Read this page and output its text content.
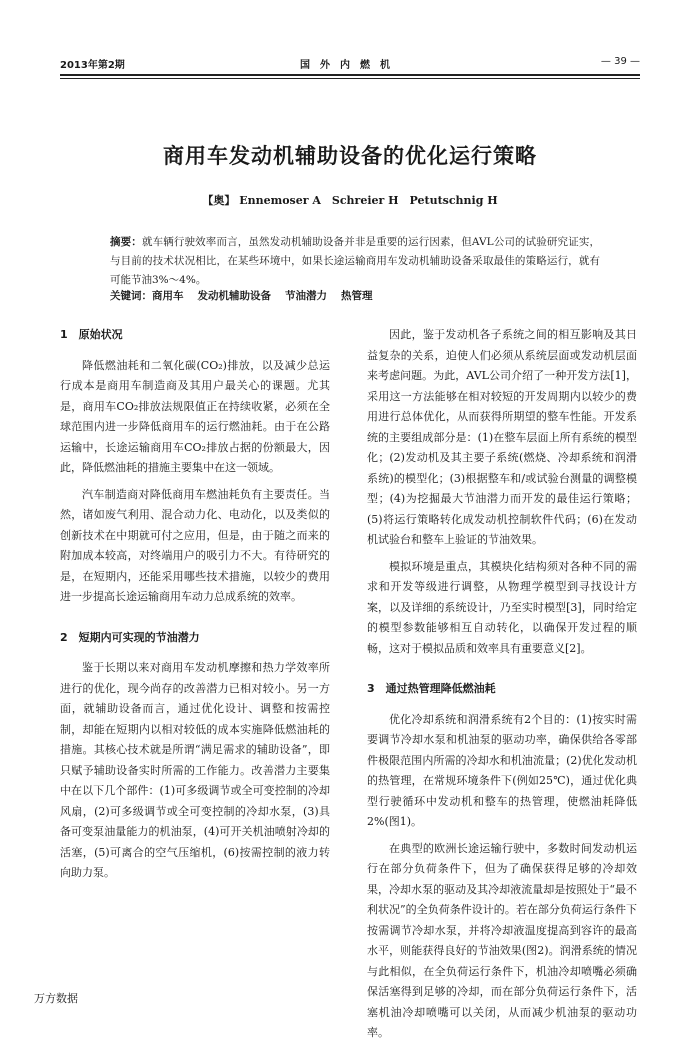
2013年第2期	国外内燃机	— 39 —
商用车发动机辅助设备的优化运行策略
【奥】 Ennemoser A　Schreier H　Petutschnig H
摘要：就车辆行驶效率而言，虽然发动机辅助设备并非是重要的运行因素，但AVL公司的试验研究证实，与目前的技术状况相比，在某些环境中，如果长途运输商用车发动机辅助设备采取最佳的策略运行，就有可能节油3%～4%。
关键词：商用车 发动机辅助设备 节油潜力 热管理
1　原始状况

降低燃油耗和二氧化碳(CO₂)排放，以及减少总运行成本是商用车制造商及其用户最关心的课题。尤其是，商用车CO₂排放法规限值正在持续收紧，必须在全球范围内进一步降低商用车的运行燃油耗。由于在公路运输中，长途运输商用车CO₂排放占据的份额最大，因此，降低燃油耗的措施主要集中在这一领域。

汽车制造商对降低商用车燃油耗负有主要责任。当然，诸如废气利用、混合动力化、电动化，以及类似的创新技术在中期就可付之应用，但是，由于随之而来的附加成本较高，对终端用户的吸引力不大。有待研究的是，在短期内，还能采用哪些技术措施，以较少的费用进一步提高长途运输商用车动力总成系统的效率。

2　短期内可实现的节油潜力

鉴于长期以来对商用车发动机摩擦和热力学效率所进行的优化，现今尚存的改善潜力已相对较小。另一方面，就辅助设备而言，通过优化设计、调整和按需控制，却能在短期内以相对较低的成本实施降低燃油耗的措施。其核心技术就是所谓“满足需求的辅助设备”，即只赋予辅助设备实时所需的工作能力。改善潜力主要集中在以下几个部件：(1)可多级调节或全可变控制的冷却风扇，(2)可多级调节或全可变控制的冷却水泵，(3)具备可变泵油量能力的机油泵，(4)可开关机油喷射冷却的活塞，(5)可离合的空气压缩机，(6)按需控制的液力转向助力泵。

因此，鉴于发动机各子系统之间的相互影响及其日益复杂的关系，迫使人们必须从系统层面或发动机层面来考虑问题。为此，AVL公司介绍了一种开发方法[1]，采用这一方法能够在相对较短的开发周期内以较少的费用进行总体优化，从而获得所期望的整车性能。开发系统的主要组成部分是：(1)在整车层面上所有系统的模型化；(2)发动机及其主要子系统(燃烧、冷却系统和润滑系统)的模型化；(3)根据整车和/或试验台测量的调整模型；(4)为挖掘最大节油潜力而开发的最佳运行策略；(5)将运行策略转化成发动机控制软件代码；(6)在发动机试验台和整车上验证的节油效果。

模拟环境是重点，其模块化结构须对各种不同的需求和开发等级进行调整，从物理学模型到寻找设计方案，以及详细的系统设计，乃至实时模型[3]，同时给定的模型参数能够相互自动转化，以确保开发过程的顺畅，这对于模拟品质和效率具有重要意义[2]。

3　通过热管理降低燃油耗

优化冷却系统和润滑系统有2个目的：(1)按实时需要调节冷却水泵和机油泵的驱动功率，确保供给各零部件极限范围内所需的冷却水和机油流量；(2)优化发动机的热管理，在常规环境条件下(例如25℃)，通过优化典型行驶循环中发动机和整车的热管理，使燃油耗降低2%(图1)。

在典型的欧洲长途运输行驶中，多数时间发动机运行在部分负荷条件下，但为了确保获得足够的冷却效果，冷却水泵的驱动及其冷却液流量却是按照处于“最不利状况”的全负荷条件设计的。若在部分负荷运行条件下按需调节冷却水泵，并将冷却液温度提高到容许的最高水平，则能获得良好的节油效果(图2)。润滑系统的情况与此相似，在全负荷运行条件下，机油冷却喷嘴必须确保活塞得到足够的冷却，而在部分负荷运行条件下，活塞机油冷却喷嘴可以关闭，从而减少机油泵的驱动功率。

万方数据
